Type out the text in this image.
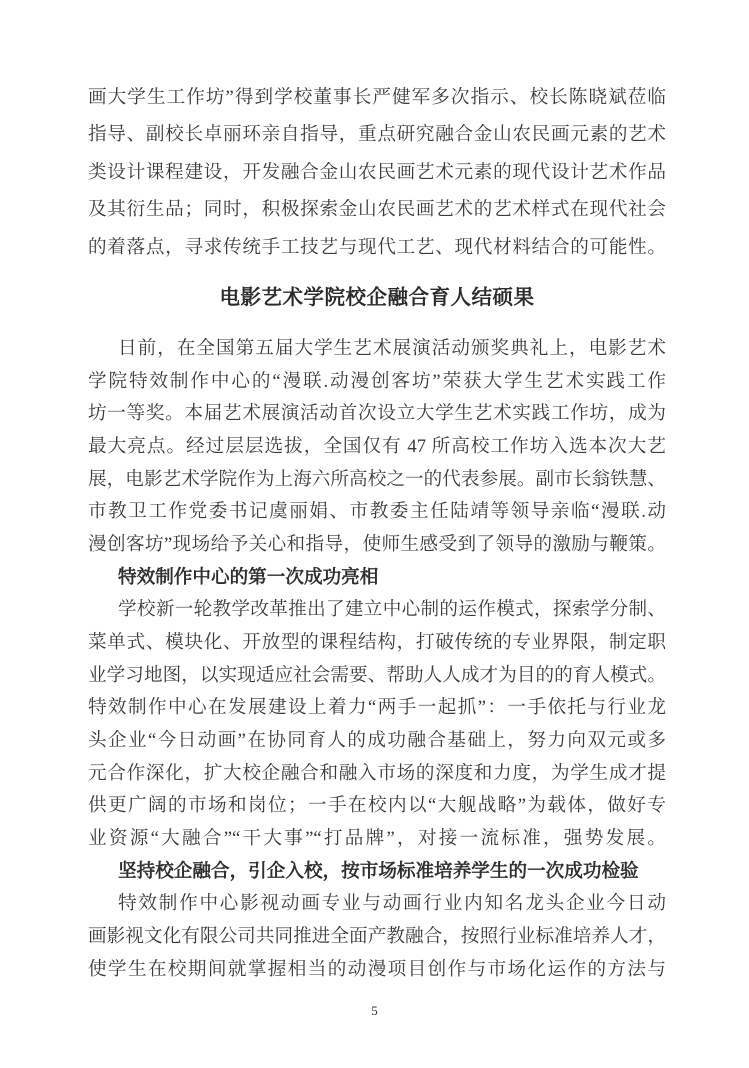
画大学生工作坊”得到学校董事长严健军多次指示、校长陈晓斌莅临
指导、副校长卓丽环亲自指导，重点研究融合金山农民画元素的艺术
类设计课程建设，开发融合金山农民画艺术元素的现代设计艺术作品
及其衍生品；同时，积极探索金山农民画艺术的艺术样式在现代社会
的着落点，寻求传统手工技艺与现代工艺、现代材料结合的可能性。
电影艺术学院校企融合育人结硕果
日前，在全国第五届大学生艺术展演活动颁奖典礼上，电影艺术
学院特效制作中心的“漫联.动漫创客坊”荣获大学生艺术实践工作
坊一等奖。本届艺术展演活动首次设立大学生艺术实践工作坊，成为
最大亮点。经过层层选拔，全国仅有 47 所高校工作坊入选本次大艺
展，电影艺术学院作为上海六所高校之一的代表参展。副市长翁铁慧、
市教卫工作党委书记虞丽娟、市教委主任陆靖等领导亲临“漫联.动
漫创客坊”现场给予关心和指导，使师生感受到了领导的激励与鞭策。
特效制作中心的第一次成功亮相
学校新一轮教学改革推出了建立中心制的运作模式，探索学分制、
菜单式、模块化、开放型的课程结构，打破传统的专业界限，制定职
业学习地图，以实现适应社会需要、帮助人人成才为目的的育人模式。
特效制作中心在发展建设上着力“两手一起抓”：一手依托与行业龙
头企业“今日动画”在协同育人的成功融合基础上，努力向双元或多
元合作深化，扩大校企融合和融入市场的深度和力度，为学生成才提
供更广阔的市场和岗位；一手在校内以“大舰战略”为载体，做好专
业资源“大融合”“干大事”“打品牌”，对接一流标准，强势发展。
坚持校企融合，引企入校，按市场标准培养学生的一次成功检验
特效制作中心影视动画专业与动画行业内知名龙头企业今日动
画影视文化有限公司共同推进全面产教融合，按照行业标准培养人才，
使学生在校期间就掌握相当的动漫项目创作与市场化运作的方法与
5
